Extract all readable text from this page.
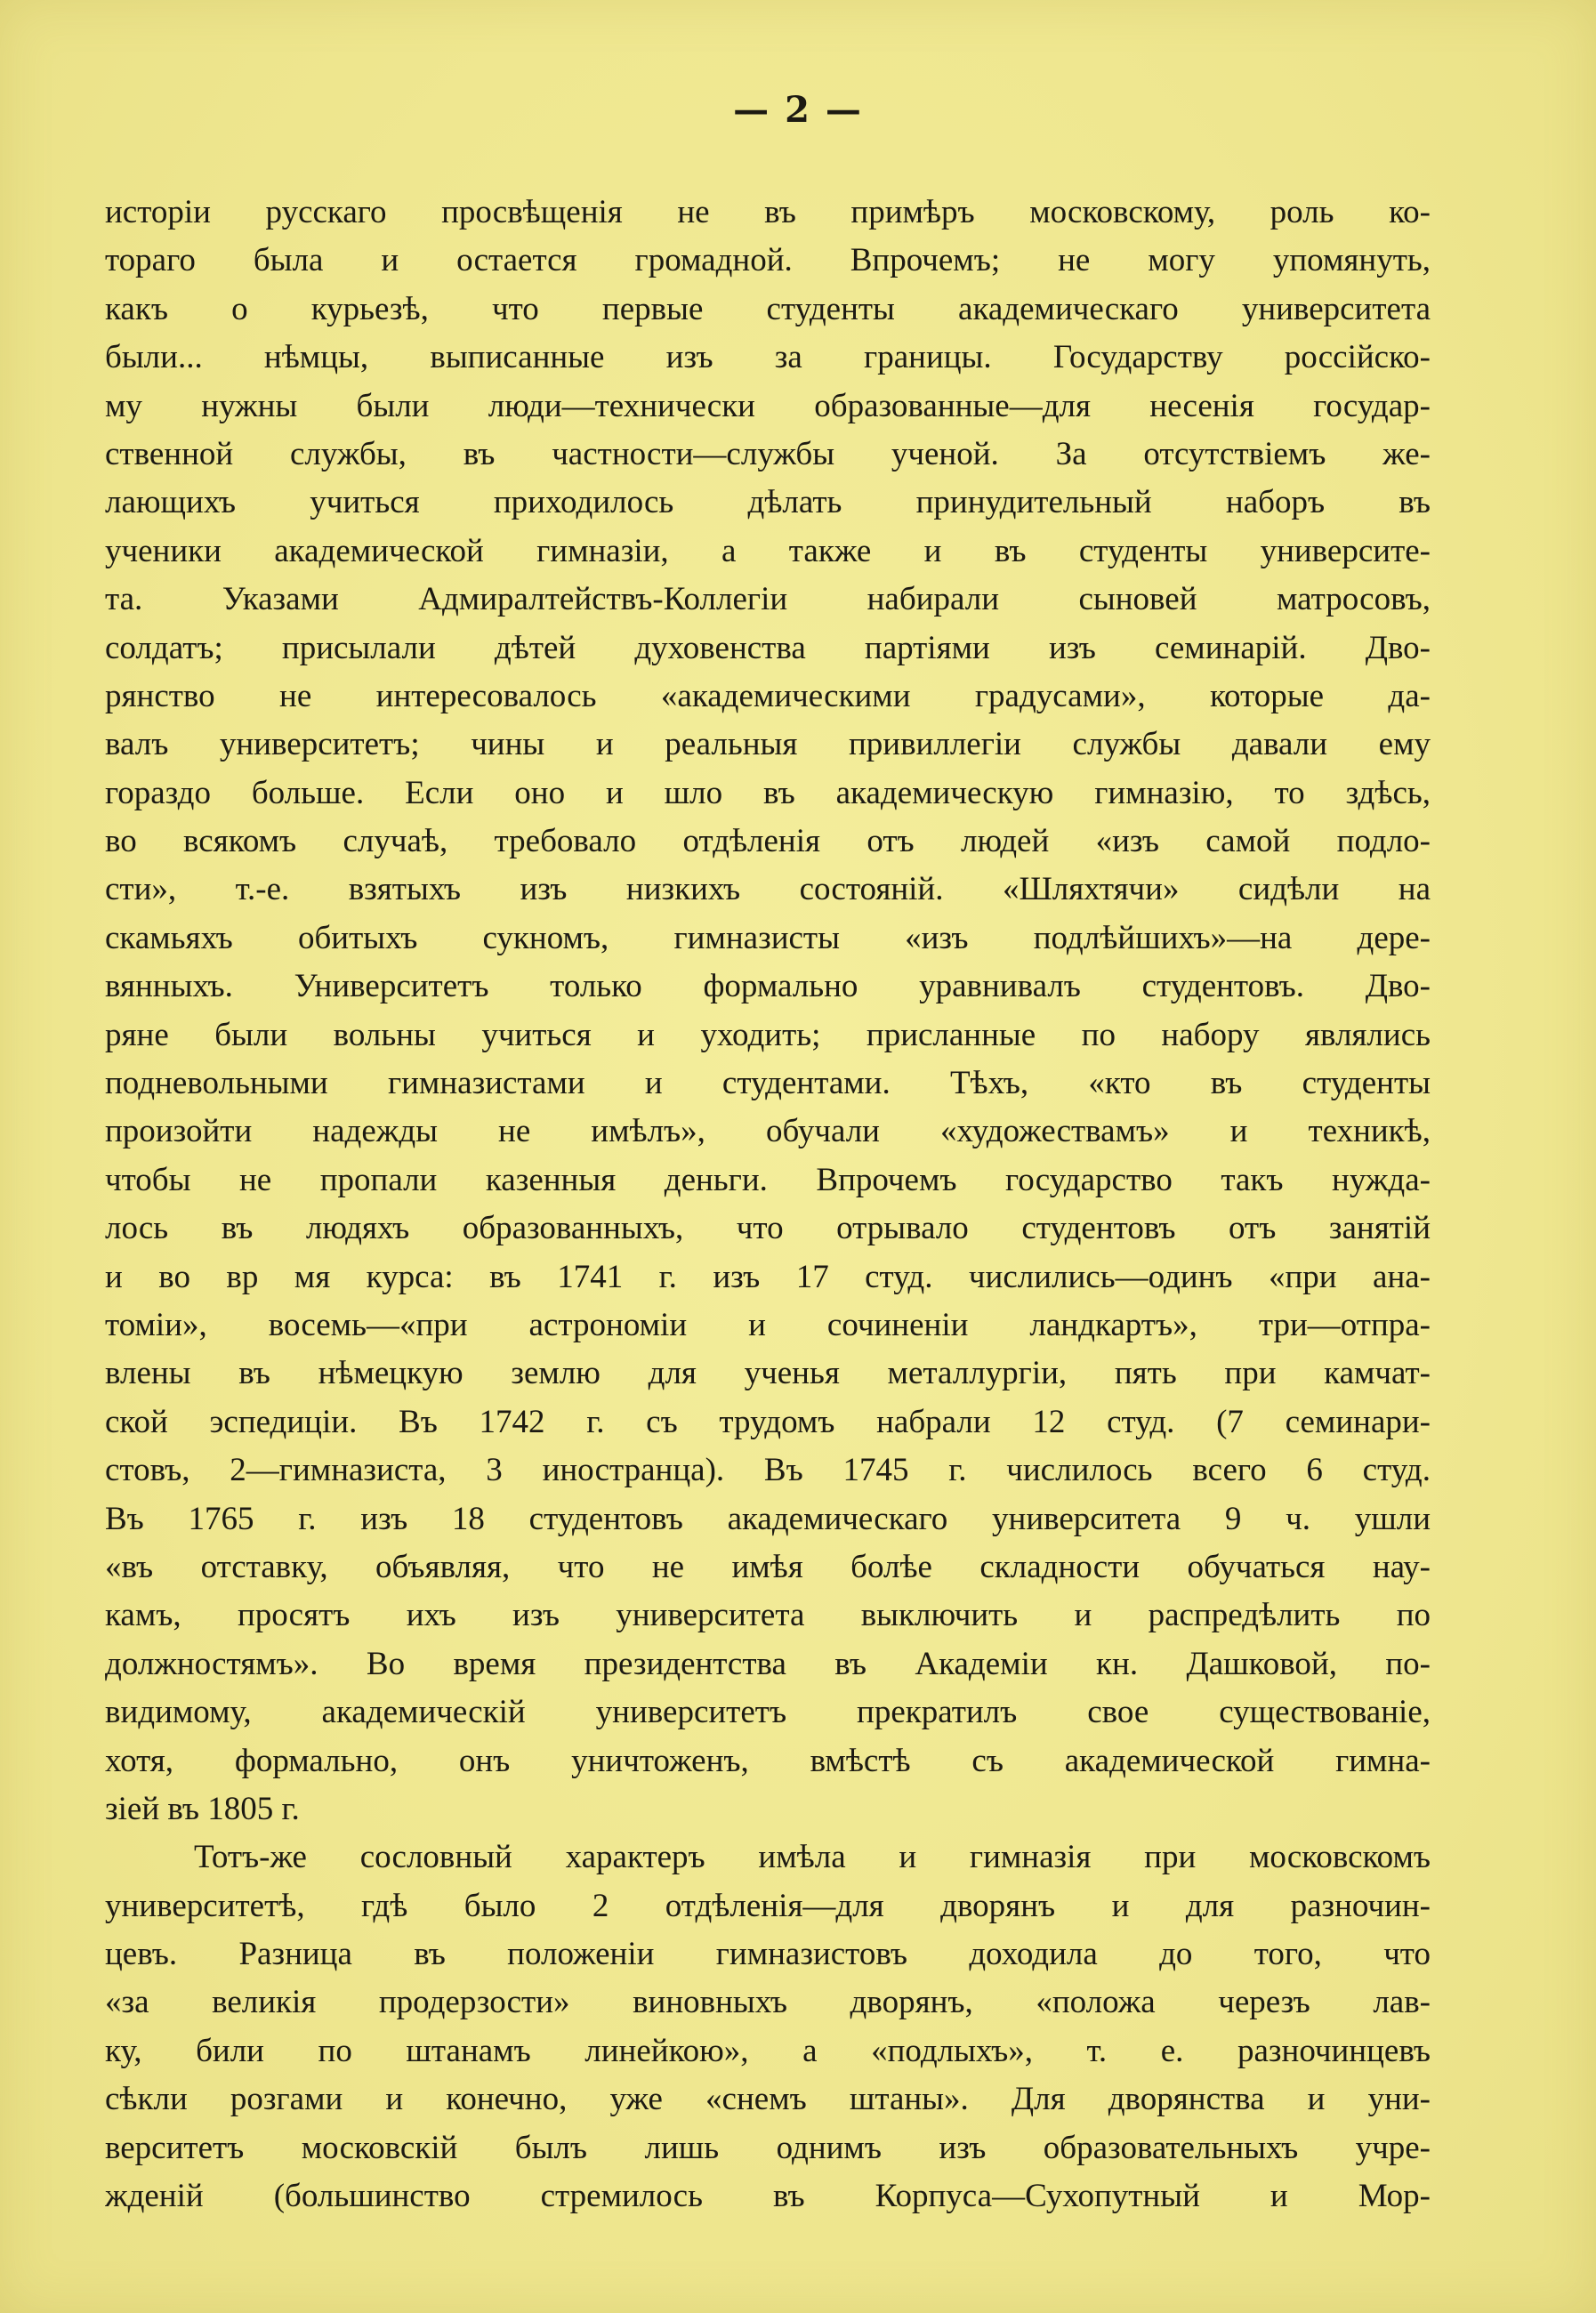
— 2 —
исторіи русскаго просвѣщенія не въ примѣръ московскому, роль ко-
тораго была и остается громадной. Впрочемъ; не могу упомянуть,
какъ о курьезѣ, что первые студенты академическаго университета
были... нѣмцы, выписанные изъ за границы. Государству россійско-
му нужны были люди—технически образованные—для несенія государ-
ственной службы, въ частности—службы ученой. За отсутствіемъ же-
лающихъ учиться приходилось дѣлать принудительный наборъ въ
ученики академической гимназіи, а также и въ студенты университе-
та. Указами Адмиралтействъ-Коллегіи набирали сыновей матросовъ,
солдатъ; присылали дѣтей духовенства партіями изъ семинарій. Дво-
рянство не интересовалось «академическими градусами», которые да-
валъ университетъ; чины и реальныя привиллегіи службы давали ему
гораздо больше. Если оно и шло въ академическую гимназію, то здѣсь,
во всякомъ случаѣ, требовало отдѣленія отъ людей «изъ самой подло-
сти», т.-е. взятыхъ изъ низкихъ состояній. «Шляхтячи» сидѣли на
скамьяхъ обитыхъ сукномъ, гимназисты «изъ подлѣйшихъ»—на дере-
вянныхъ. Университетъ только формально уравнивалъ студентовъ. Дво-
ряне были вольны учиться и уходить; присланные по набору являлись
подневольными гимназистами и студентами. Тѣхъ, «кто въ студенты
произойти надежды не имѣлъ», обучали «художествамъ» и техникѣ,
чтобы не пропали казенныя деньги. Впрочемъ государство такъ нужда-
лось въ людяхъ образованныхъ, что отрывало студентовъ отъ занятій
и во вр мя курса: въ 1741 г. изъ 17 студ. числились—одинъ «при ана-
томіи», восемь—«при астрономіи и сочиненіи ландкартъ», три—отпра-
влены въ нѣмецкую землю для ученья металлургіи, пять при камчат-
ской эспедиціи. Въ 1742 г. съ трудомъ набрали 12 студ. (7 семинари-
стовъ, 2—гимназиста, 3 иностранца). Въ 1745 г. числилось всего 6 студ.
Въ 1765 г. изъ 18 студентовъ академическаго университета 9 ч. ушли
«въ отставку, объявляя, что не имѣя болѣе складности обучаться нау-
камъ, просятъ ихъ изъ университета выключить и распредѣлить по
должностямъ». Во время президентства въ Академіи кн. Дашковой, по-
видимому, академическій университетъ прекратилъ свое существованіе,
хотя, формально, онъ уничтоженъ, вмѣстѣ съ академической гимна-
зіей въ 1805 г.
Тотъ-же сословный характеръ имѣла и гимназія при московскомъ
университетѣ, гдѣ было 2 отдѣленія—для дворянъ и для разночин-
цевъ. Разница въ положеніи гимназистовъ доходила до того, что
«за великія продерзости» виновныхъ дворянъ, «положа черезъ лав-
ку, били по штанамъ линейкою», а «подлыхъ», т. е. разночинцевъ
сѣкли розгами и конечно, уже «снемъ штаны». Для дворянства и уни-
верситетъ московскій былъ лишь однимъ изъ образовательныхъ учре-
жденій (большинство стремилось въ Корпуса—Сухопутный и Мор-
